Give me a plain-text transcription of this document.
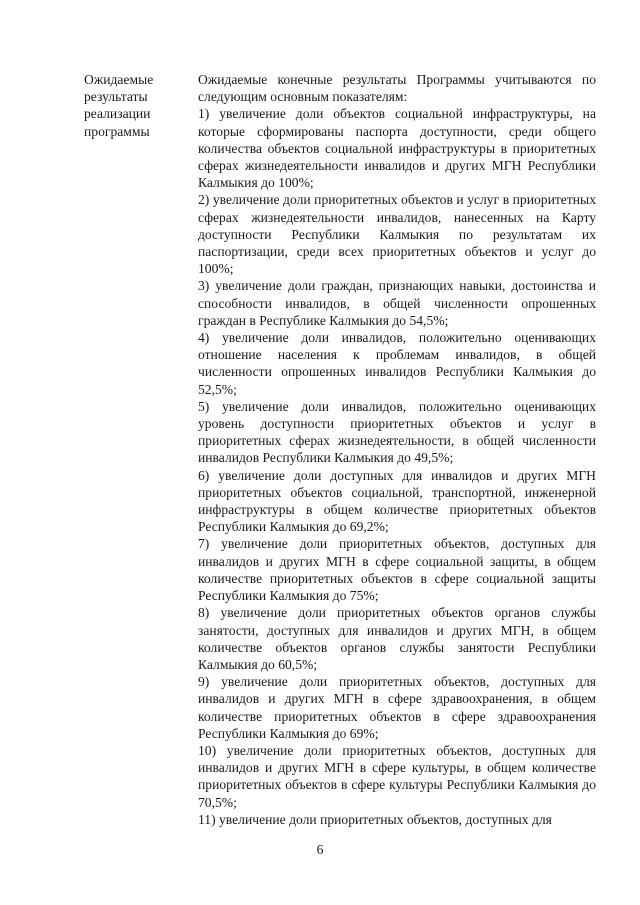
Ожидаемые результаты реализации программы

Ожидаемые конечные результаты Программы учитываются по следующим основным показателям:

1) увеличение доли объектов социальной инфраструктуры, на которые сформированы паспорта доступности, среди общего количества объектов социальной инфраструктуры в приоритетных сферах жизнедеятельности инвалидов и других МГН Республики Калмыкия до 100%;

2) увеличение доли приоритетных объектов и услуг в приоритетных сферах жизнедеятельности инвалидов, нанесенных на Карту доступности Республики Калмыкия по результатам их паспортизации, среди всех приоритетных объектов и услуг до 100%;

3) увеличение доли граждан, признающих навыки, достоинства и способности инвалидов, в общей численности опрошенных граждан в Республике Калмыкия до 54,5%;

4) увеличение доли инвалидов, положительно оценивающих отношение населения к проблемам инвалидов, в общей численности опрошенных инвалидов Республики Калмыкия до 52,5%;

5) увеличение доли инвалидов, положительно оценивающих уровень доступности приоритетных объектов и услуг в приоритетных сферах жизнедеятельности, в общей численности инвалидов Республики Калмыкия до 49,5%;

6) увеличение доли доступных для инвалидов и других МГН приоритетных объектов социальной, транспортной, инженерной инфраструктуры в общем количестве приоритетных объектов Республики Калмыкия до 69,2%;

7) увеличение доли приоритетных объектов, доступных для инвалидов и других МГН в сфере социальной защиты, в общем количестве приоритетных объектов в сфере социальной защиты Республики Калмыкия до 75%;

8) увеличение доли приоритетных объектов органов службы занятости, доступных для инвалидов и других МГН, в общем количестве объектов органов службы занятости Республики Калмыкия до 60,5%;

9) увеличение доли приоритетных объектов, доступных для инвалидов и других МГН в сфере здравоохранения, в общем количестве приоритетных объектов в сфере здравоохранения Республики Калмыкия до 69%;

10) увеличение доли приоритетных объектов, доступных для инвалидов и других МГН в сфере культуры, в общем количестве приоритетных объектов в сфере культуры Республики Калмыкия до 70,5%;

11) увеличение доли приоритетных объектов, доступных для

6
